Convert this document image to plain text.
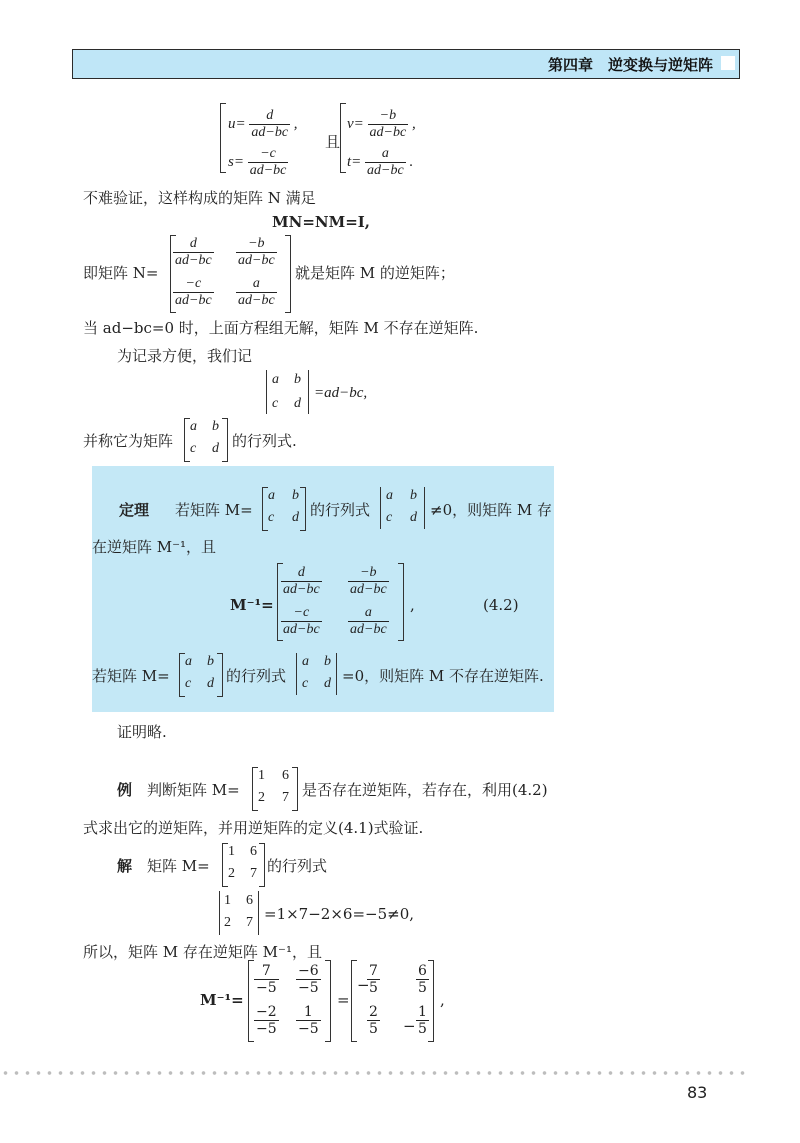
第四章　逆变换与逆矩阵
$u= \frac{d}{ad-bc}$ ,
$s= \frac{-c}{ad-bc}$
且
$v= \frac{-b}{ad-bc}$ ,
$t= \frac{a}{ad-bc}$ .
不难验证，这样构成的矩阵 N 满足
MN=NM=I,
即矩阵 N=
$\frac{d}{ad-bc} \frac{-b}{ad-bc}$
$\frac{-c}{ad-bc} \frac{a}{ad-bc}$
就是矩阵 M 的逆矩阵；
当 ad−bc=0 时，上面方程组无解，矩阵 M 不存在逆矩阵.
为记录方便，我们记
a b
c d
=ad−bc,
并称它为矩阵
a b
c d 的行列式.
定理 若矩阵 M=
a b
c d 的行列式
a b
c d ≠0，则矩阵 M 存
在逆矩阵 M⁻¹，且
M⁻¹=
$\frac{d}{ad-bc} \frac{-b}{ad-bc}$
$\frac{-c}{ad-bc} \frac{a}{ad-bc}$ ,	(4.2)
若矩阵 M=
a b
c d 的行列式
a b
c d =0，则矩阵 M 不存在逆矩阵.
证明略.
例 判断矩阵 M=
1 6
2 7 是否存在逆矩阵，若存在，利用(4.2)
式求出它的逆矩阵，并用逆矩阵的定义(4.1)式验证.
解 矩阵 M=
1 6
2 7 的行列式
1 6
2 7 =1×7−2×6=−5≠0,
所以，矩阵 M 存在逆矩阵 M⁻¹，且
M⁻¹=
$\frac{7}{-5} \frac{-6}{-5}$
$\frac{-2}{-5} \frac{1}{-5}$
=
−
$\frac{7}{5}$	$\frac{6}{5}$
$\frac{2}{5} - \frac{1}{5}$
,
83
